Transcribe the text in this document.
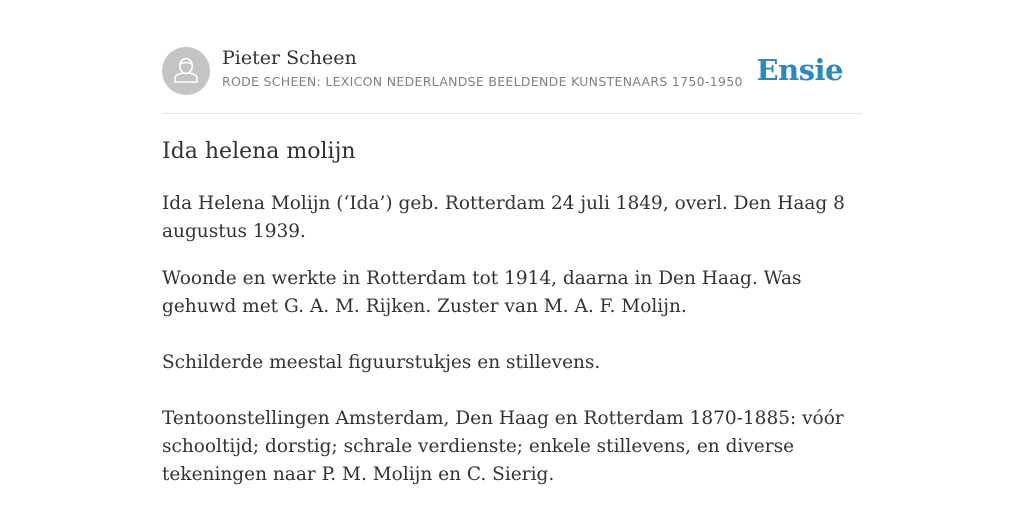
Pieter Scheen
RODE SCHEEN: LEXICON NEDERLANDSE BEELDENDE KUNSTENAARS 1750-1950 Ensie
Ida helena molijn

Ida Helena Molijn (‘Ida’) geb. Rotterdam 24 juli 1849, overl. Den Haag 8 augustus 1939.

Woonde en werkte in Rotterdam tot 1914, daarna in Den Haag. Was gehuwd met G. A. M. Rijken. Zuster van M. A. F. Molijn.

Schilderde meestal figuurstukjes en stillevens.

Tentoonstellingen Amsterdam, Den Haag en Rotterdam 1870-1885: vóór schooltijd; dorstig; schrale verdienste; enkele stillevens, en diverse tekeningen naar P. M. Molijn en C. Sierig.
